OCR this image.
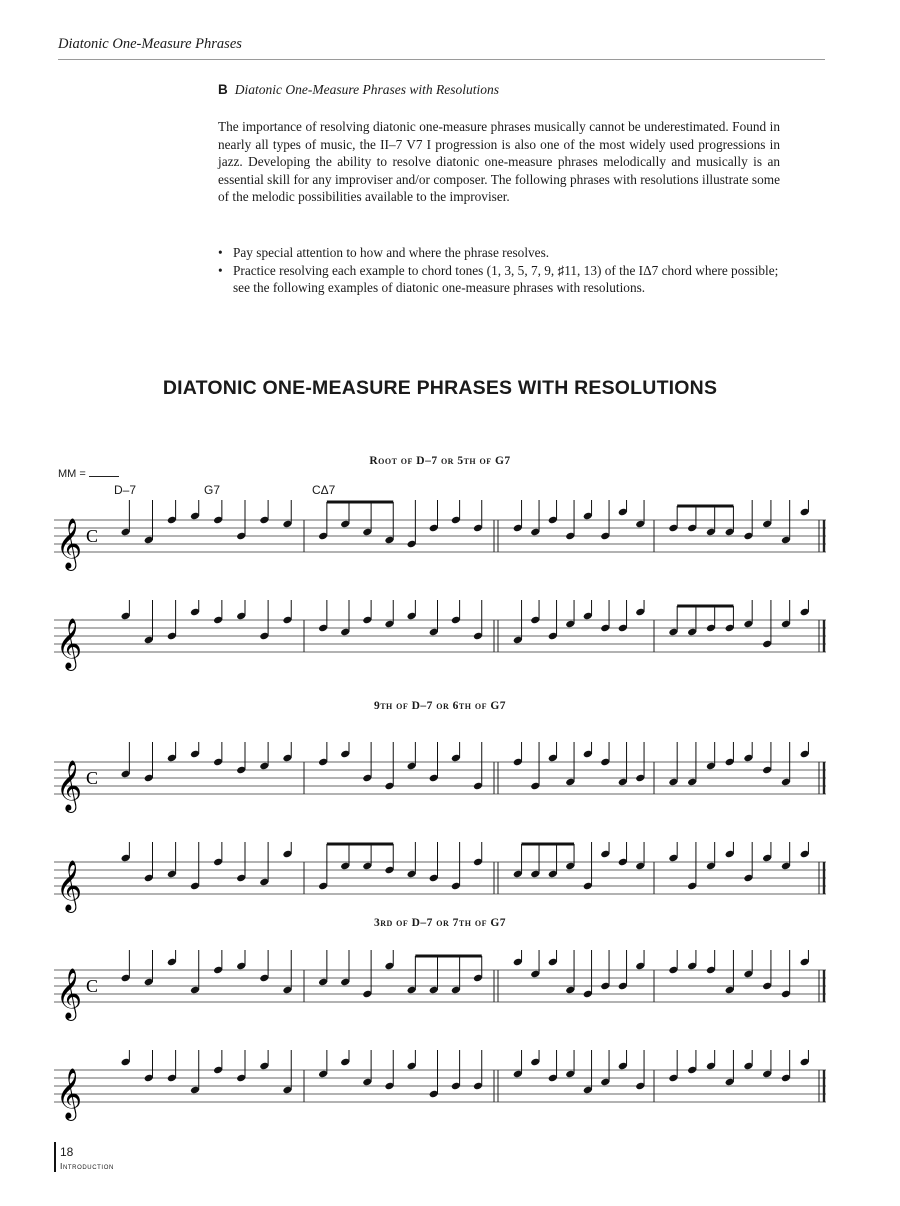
Diatonic One-Measure Phrases
B Diatonic One-Measure Phrases with Resolutions

The importance of resolving diatonic one-measure phrases musically cannot be underestimated. Found in nearly all types of music, the II–7 V7 I progression is also one of the most widely used progressions in jazz. Developing the ability to resolve diatonic one-measure phrases melodically and musically is an essential skill for any improviser and/or composer. The following phrases with resolutions illustrate some of the melodic possibilities available to the improviser.

• Pay special attention to how and where the phrase resolves.
• Practice resolving each example to chord tones (1, 3, 5, 7, 9, ♯11, 13) of the IΔ7 chord where possible; see the following examples of diatonic one-measure phrases with resolutions.
DIATONIC ONE-MEASURE PHRASES WITH RESOLUTIONS
Root of D–7 or 5th of G7
9th of D–7 or 6th of G7
3rd of D–7 or 7th of G7
MM =
D–7	G7	CΔ7
𝄞 C
𝄞
𝄞 C
𝄞
𝄞 C
𝄞
18
Introduction
